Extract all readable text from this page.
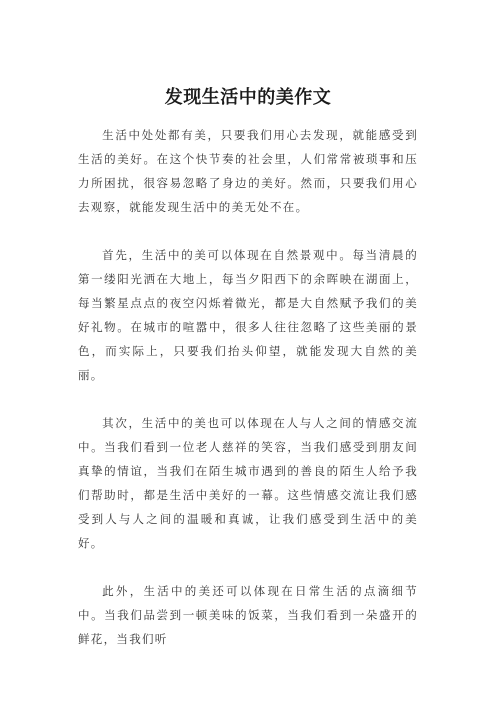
发现生活中的美作文

生活中处处都有美，只要我们用心去发现，就能感受到生活的美好。在这个快节奏的社会里，人们常常被琐事和压力所困扰，很容易忽略了身边的美好。然而，只要我们用心去观察，就能发现生活中的美无处不在。

首先，生活中的美可以体现在自然景观中。每当清晨的第一缕阳光洒在大地上，每当夕阳西下的余晖映在湖面上，每当繁星点点的夜空闪烁着微光，都是大自然赋予我们的美好礼物。在城市的喧嚣中，很多人往往忽略了这些美丽的景色，而实际上，只要我们抬头仰望，就能发现大自然的美丽。

其次，生活中的美也可以体现在人与人之间的情感交流中。当我们看到一位老人慈祥的笑容，当我们感受到朋友间真挚的情谊，当我们在陌生城市遇到的善良的陌生人给予我们帮助时，都是生活中美好的一幕。这些情感交流让我们感受到人与人之间的温暖和真诚，让我们感受到生活中的美好。

此外，生活中的美还可以体现在日常生活的点滴细节中。当我们品尝到一顿美味的饭菜，当我们看到一朵盛开的鲜花，当我们听
